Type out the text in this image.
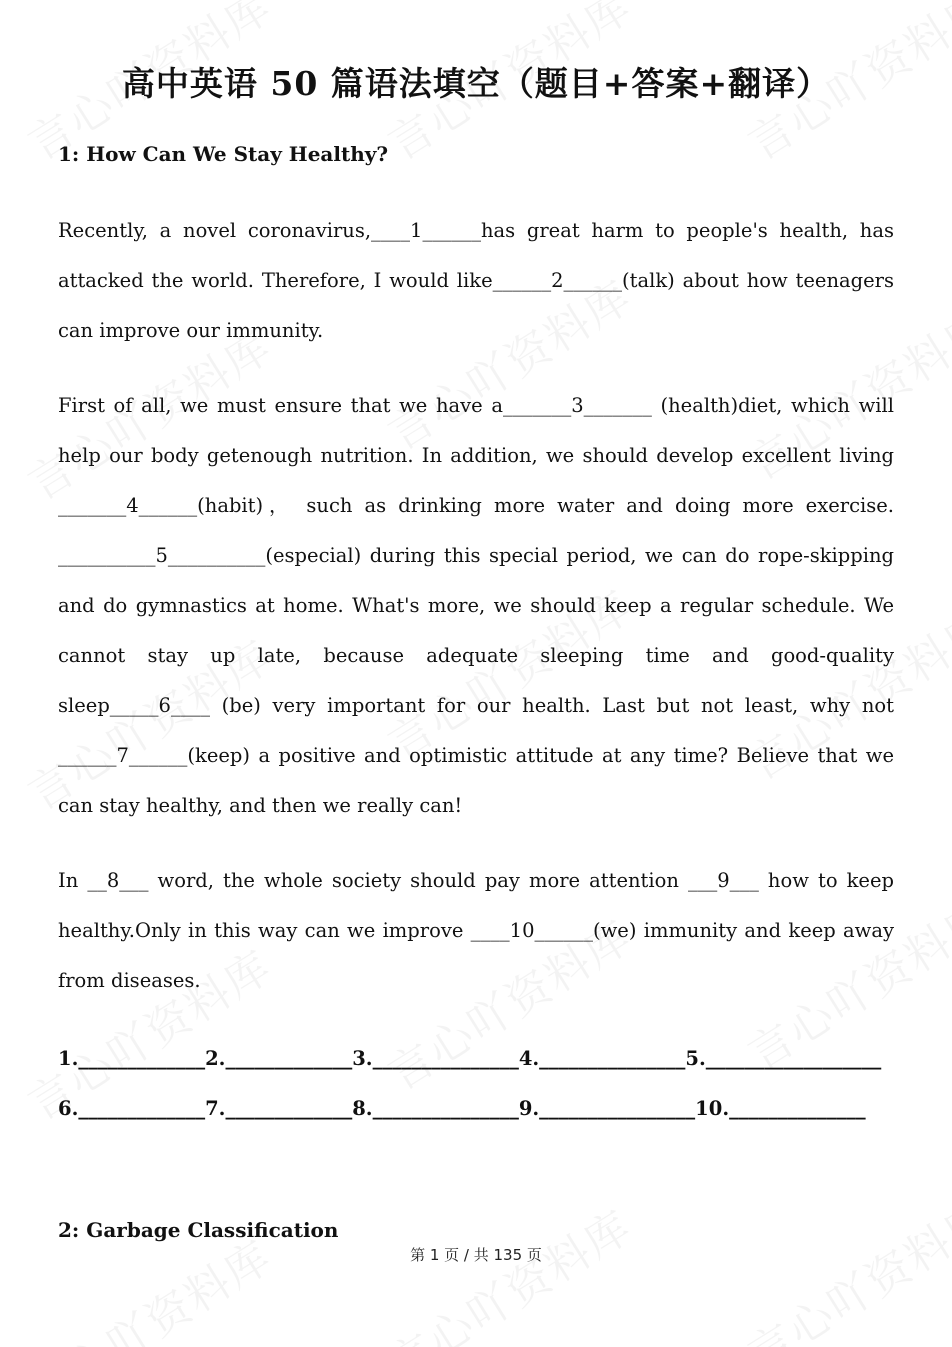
高中英语 50 篇语法填空（题目+答案+翻译）
1: How Can We Stay Healthy?

Recently, a novel coronavirus,____1______has great harm to people's health, has attacked the world. Therefore, I would like______2______(talk) about how teenagers can improve our immunity.

First of all, we must ensure that we have a_______3_______ (health)diet, which will help our body getenough nutrition. In addition, we should develop excellent living _______4______(habit)， such as drinking more water and doing more exercise. __________5__________(especial) during this special period, we can do rope-skipping and do gymnastics at home. What's more, we should keep a regular schedule. We cannot stay up late, because adequate sleeping time and good-quality sleep_____6____ (be) very important for our health. Last but not least, why not ______7______(keep) a positive and optimistic attitude at any time? Believe that we can stay healthy, and then we really can!

In __8___ word, the whole society should pay more attention ___9___ how to keep healthy.Only in this way can we improve ____10______(we) immunity and keep away from diseases.

1._____________2._____________3._______________4._______________5.__________________6._____________7._____________8._______________9.________________10.______________

2: Garbage Classification
第 1 页 / 共 135 页
